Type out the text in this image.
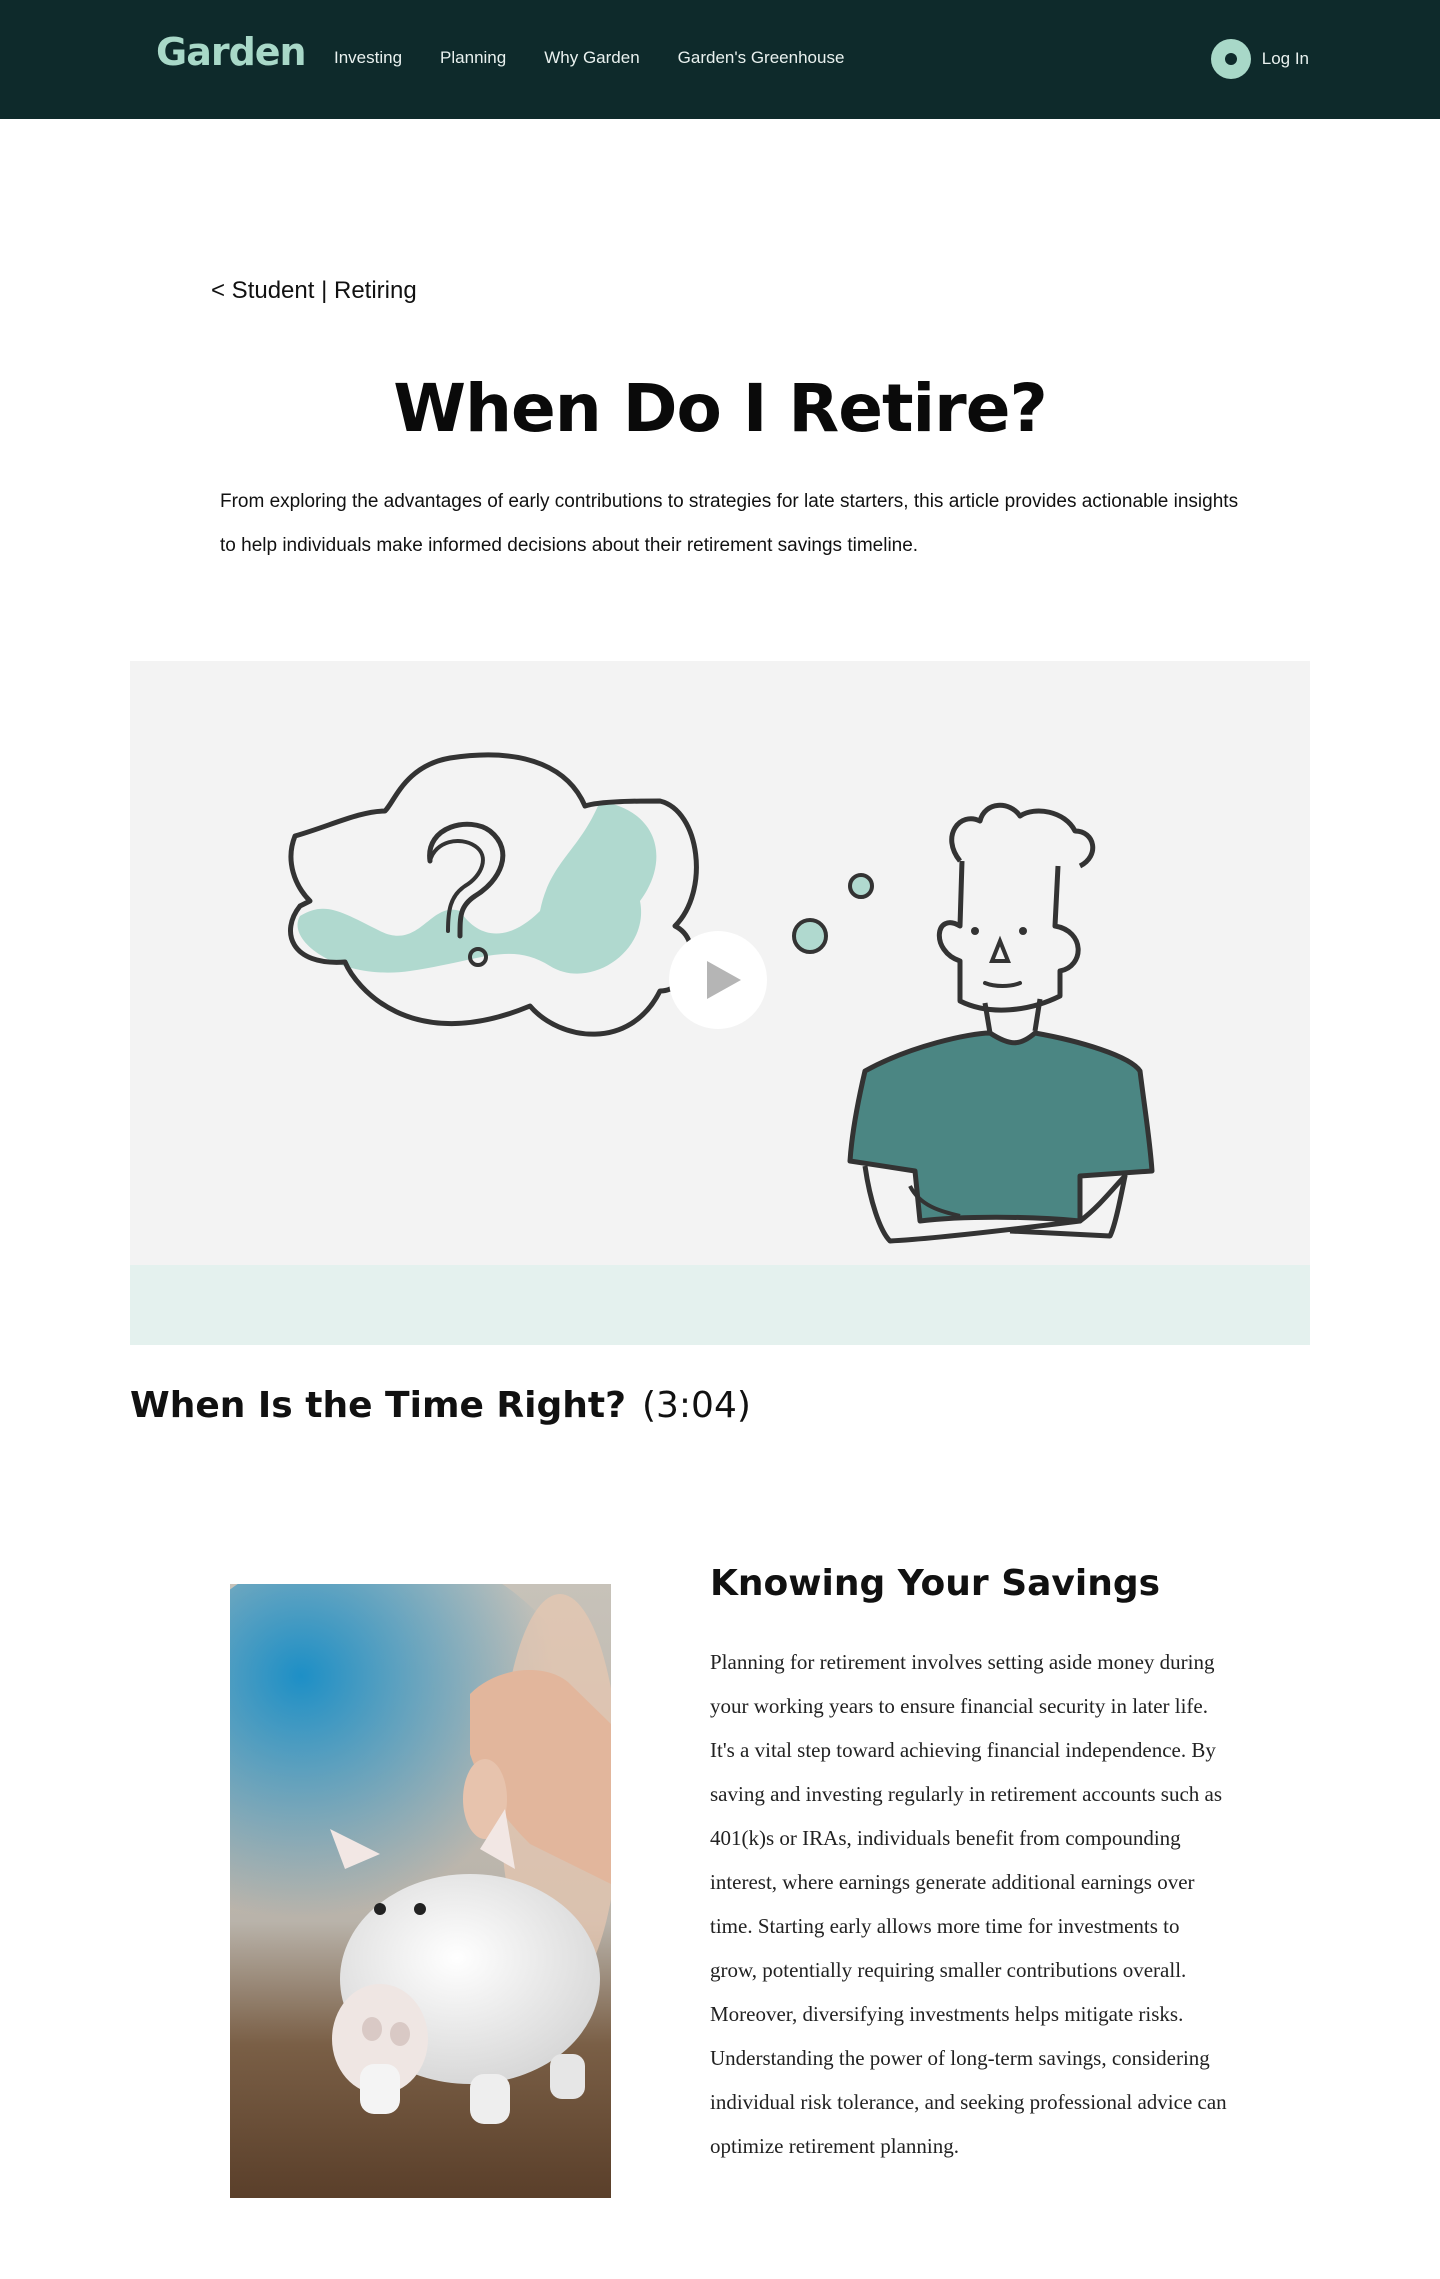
Garden Investing Planning Why Garden Garden's Greenhouse	Log In
< Student | Retiring
When Do I Retire?

From exploring the advantages of early contributions to strategies for late starters, this article provides actionable insights to help individuals make informed decisions about their retirement savings timeline.

When Is the Time Right? (3:04)
Knowing Your Savings

Planning for retirement involves setting aside money during your working years to ensure financial security in later life. It's a vital step toward achieving financial independence. By saving and investing regularly in retirement accounts such as 401(k)s or IRAs, individuals benefit from compounding interest, where earnings generate additional earnings over time. Starting early allows more time for investments to grow, potentially requiring smaller contributions overall. Moreover, diversifying investments helps mitigate risks. Understanding the power of long-term savings, considering individual risk tolerance, and seeking professional advice can optimize retirement planning.
